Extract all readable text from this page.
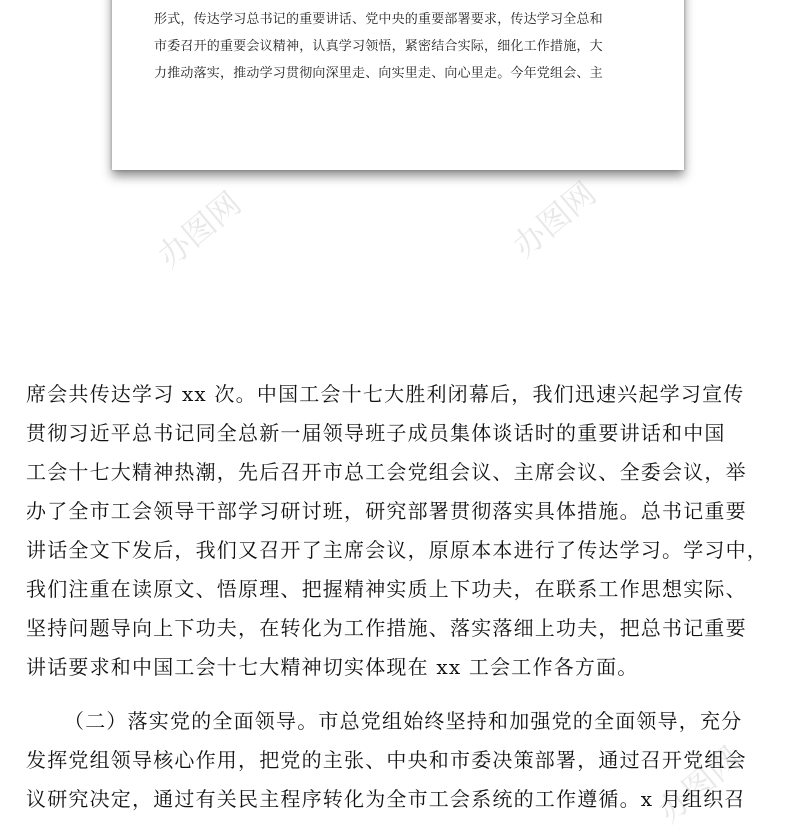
形式，传达学习总书记的重要讲话、党中央的重要部署要求，传达学习全总和
市委召开的重要会议精神，认真学习领悟，紧密结合实际，细化工作措施，大
力推动落实，推动学习贯彻向深里走、向实里走、向心里走。今年党组会、主
办图网	办图网
办图网
席会共传达学习 xx 次。中国工会十七大胜利闭幕后，我们迅速兴起学习宣传
贯彻习近平总书记同全总新一届领导班子成员集体谈话时的重要讲话和中国
工会十七大精神热潮，先后召开市总工会党组会议、主席会议、全委会议，举
办了全市工会领导干部学习研讨班，研究部署贯彻落实具体措施。总书记重要
讲话全文下发后，我们又召开了主席会议，原原本本进行了传达学习。学习中，
我们注重在读原文、悟原理、把握精神实质上下功夫，在联系工作思想实际、
坚持问题导向上下功夫，在转化为工作措施、落实落细上功夫，把总书记重要
讲话要求和中国工会十七大精神切实体现在 xx 工会工作各方面。
（二）落实党的全面领导。市总党组始终坚持和加强党的全面领导，充分
发挥党组领导核心作用，把党的主张、中央和市委决策部署，通过召开党组会
议研究决定，通过有关民主程序转化为全市工会系统的工作遵循。x 月组织召
